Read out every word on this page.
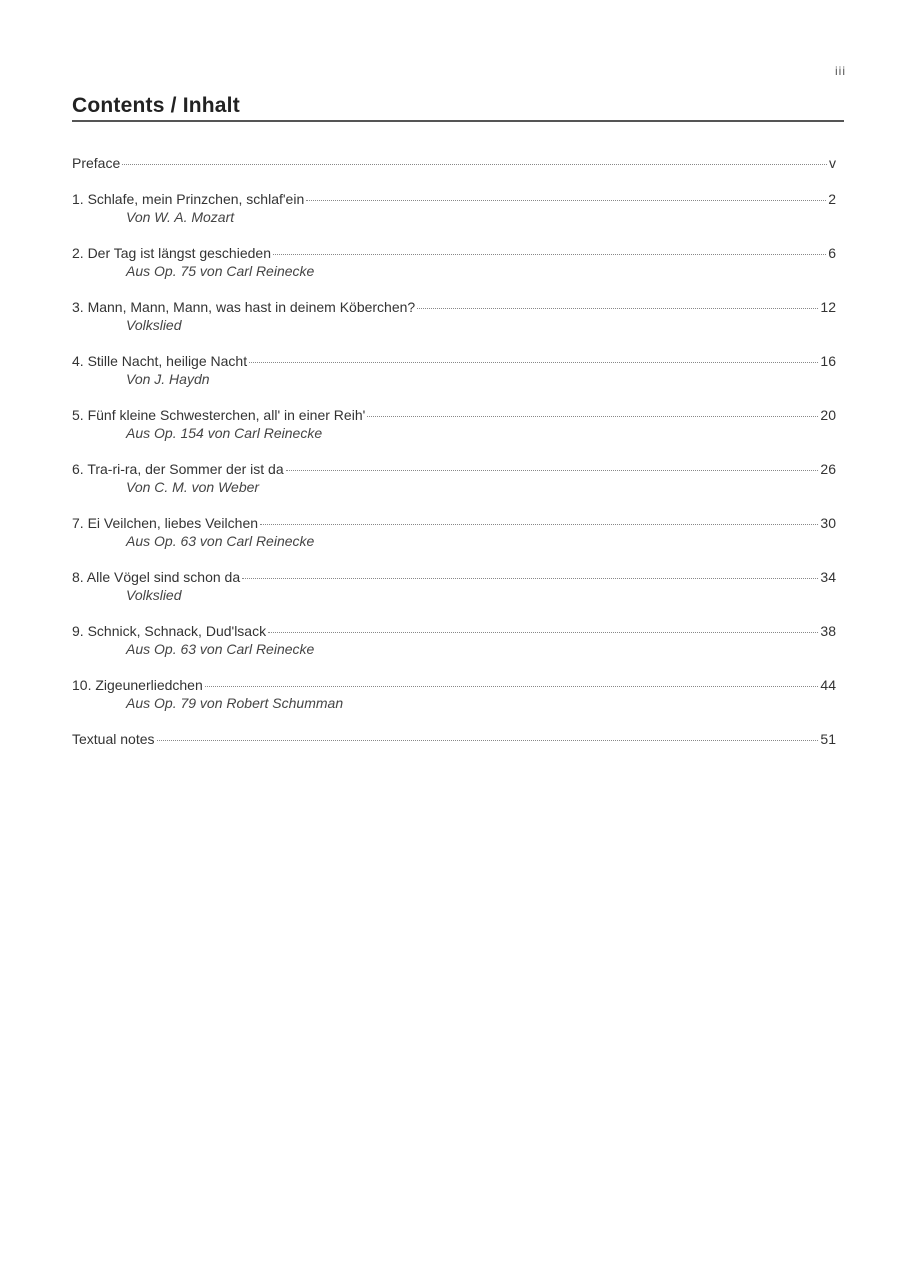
iii
Contents / Inhalt
Preface	v
1. Schlafe, mein Prinzchen, schlaf'ein	2
Von W. A. Mozart
2. Der Tag ist längst geschieden	6
Aus Op. 75 von Carl Reinecke
3. Mann, Mann, Mann, was hast in deinem Köberchen?	12
Volkslied
4. Stille Nacht, heilige Nacht	16
Von J. Haydn
5. Fünf kleine Schwesterchen, all' in einer Reih'	20
Aus Op. 154 von Carl Reinecke
6. Tra-ri-ra, der Sommer der ist da	26
Von C. M. von Weber
7. Ei Veilchen, liebes Veilchen	30
Aus Op. 63 von Carl Reinecke
8. Alle Vögel sind schon da	34
Volkslied
9. Schnick, Schnack, Dud'lsack	38
Aus Op. 63 von Carl Reinecke
10. Zigeunerliedchen	44
Aus Op. 79 von Robert Schumman
Textual notes	51
